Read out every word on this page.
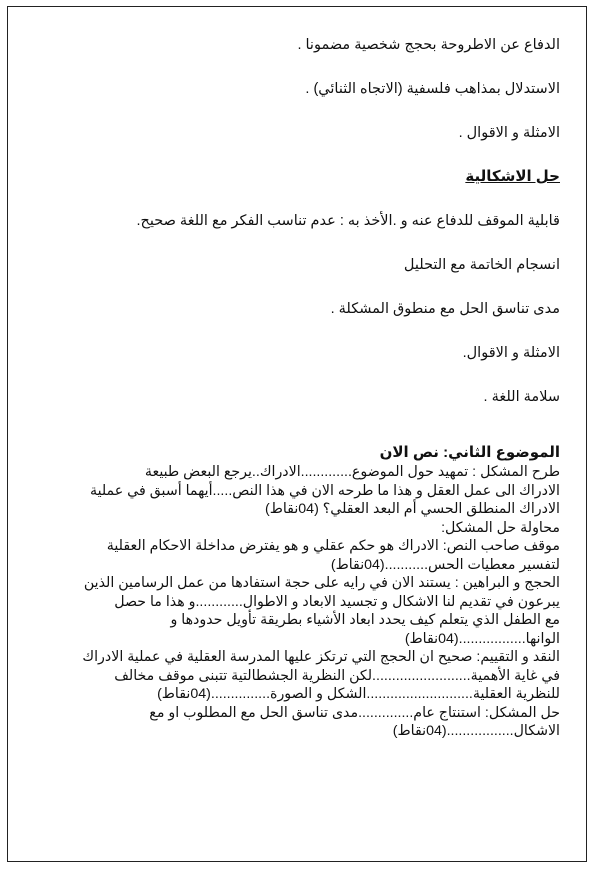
الدفاع عن الاطروحة بحجج شخصية مضمونا .

الاستدلال بمذاهب فلسفية (الاتجاه الثنائي) .

الامثلة و الاقوال .

حل الاشكالية

قابلية الموقف للدفاع عنه و .الأخذ به : عدم تناسب الفكر مع اللغة صحيح.

انسجام الخاتمة مع التحليل

مدى تناسق الحل مع منطوق المشكلة .

الامثلة و الاقوال.

سلامة اللغة .

الموضوع الثاني: نص الان

طرح المشكل : تمهيد حول الموضوع.............الادراك..يرجع البعض طبيعة

الادراك الى عمل العقل و هذا ما طرحه الان في هذا النص.....أيهما أسبق في عملية

الادراك المنطلق الحسي أم البعد العقلي؟ (04نقاط)

محاولة حل المشكل:

موقف صاحب النص: الادراك هو حكم عقلي و هو يفترض مداخلة الاحكام العقلية

لتفسير معطيات الحس...........(04نقاط)

الحجج و البراهين : يستند الان في رايه على حجة استفادها من عمل الرسامين الذين

يبرعون في تقديم لنا الاشكال و تجسيد الابعاد و الاطوال............و هذا ما حصل

مع الطفل الذي يتعلم كيف يحدد ابعاد الأشياء بطريقة تأويل حدودها و

الوانها.................(04نقاط)

النقد و التقييم: صحيح ان الحجج التي ترتكز عليها المدرسة العقلية في عملية الادراك

في غاية الأهمية.........................لكن النظرية الجشطالتية تتبنى موقف مخالف

للنظرية العقلية...........................الشكل و الصورة...............(04نقاط)

حل المشكل: استنتاج عام..............مدى تناسق الحل مع المطلوب او مع

الاشكال.................(04نقاط)
